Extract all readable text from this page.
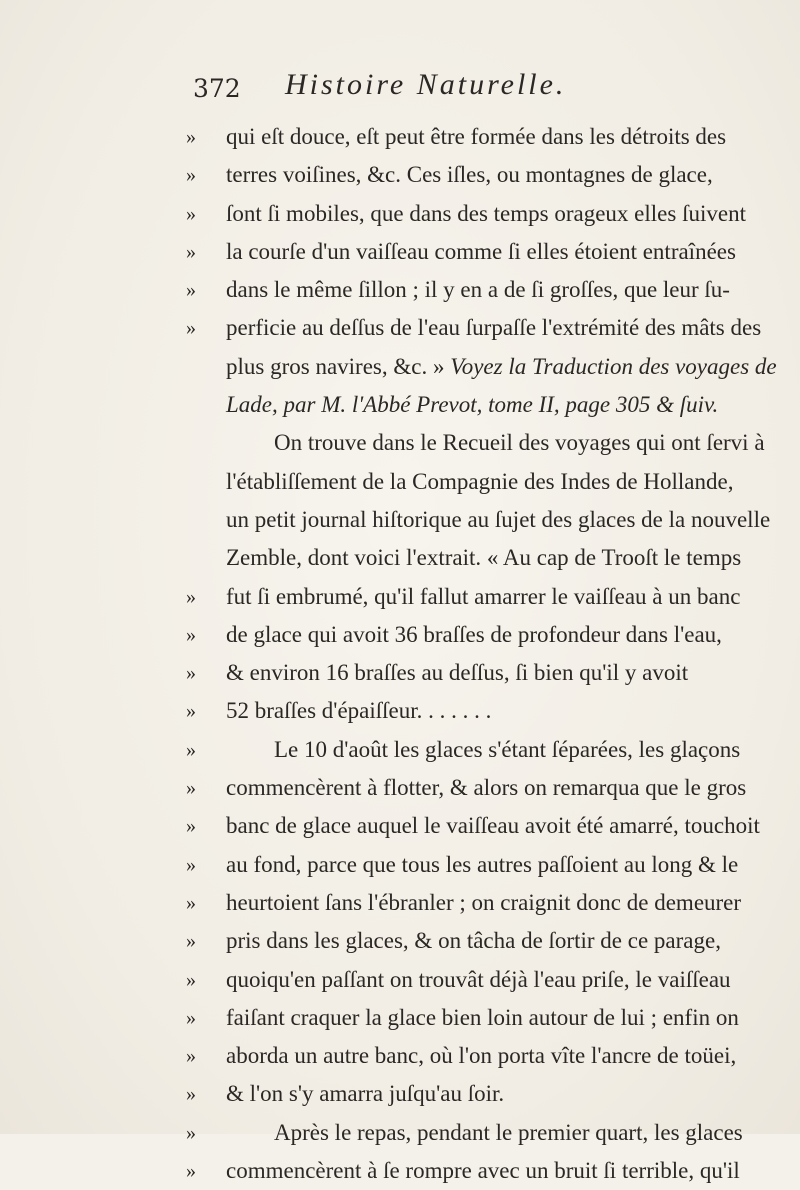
372 Histoire Naturelle.
»	qui eſt douce, eſt peut être formée dans les détroits des
»	terres voiſines, &c. Ces iſles, ou montagnes de glace,
»	ſont ſi mobiles, que dans des temps orageux elles ſuivent
»	la courſe d'un vaiſſeau comme ſi elles étoient entraînées
»	dans le même ſillon ; il y en a de ſi groſſes, que leur ſu-
»	perficie au deſſus de l'eau ſurpaſſe l'extrémité des mâts des
plus gros navires, &c. » Voyez la Traduction des voyages de
Lade, par M. l'Abbé Prevot, tome II, page 305 & ſuiv.
On trouve dans le Recueil des voyages qui ont ſervi à
l'établiſſement de la Compagnie des Indes de Hollande,
un petit journal hiſtorique au ſujet des glaces de la nouvelle
Zemble, dont voici l'extrait. « Au cap de Trooſt le temps
»	fut ſi embrumé, qu'il fallut amarrer le vaiſſeau à un banc
»	de glace qui avoit 36 braſſes de profondeur dans l'eau,
»	& environ 16 braſſes au deſſus, ſi bien qu'il y avoit
»	52 braſſes d'épaiſſeur. . . . . . .
»	Le 10 d'août les glaces s'étant ſéparées, les glaçons
»	commencèrent à flotter, & alors on remarqua que le gros
»	banc de glace auquel le vaiſſeau avoit été amarré, touchoit
»	au fond, parce que tous les autres paſſoient au long & le
»	heurtoient ſans l'ébranler ; on craignit donc de demeurer
»	pris dans les glaces, & on tâcha de ſortir de ce parage,
»	quoiqu'en paſſant on trouvât déjà l'eau priſe, le vaiſſeau
»	faiſant craquer la glace bien loin autour de lui ; enfin on
»	aborda un autre banc, où l'on porta vîte l'ancre de toüei,
»	& l'on s'y amarra juſqu'au ſoir.
»	Après le repas, pendant le premier quart, les glaces
»	commencèrent à ſe rompre avec un bruit ſi terrible, qu'il
